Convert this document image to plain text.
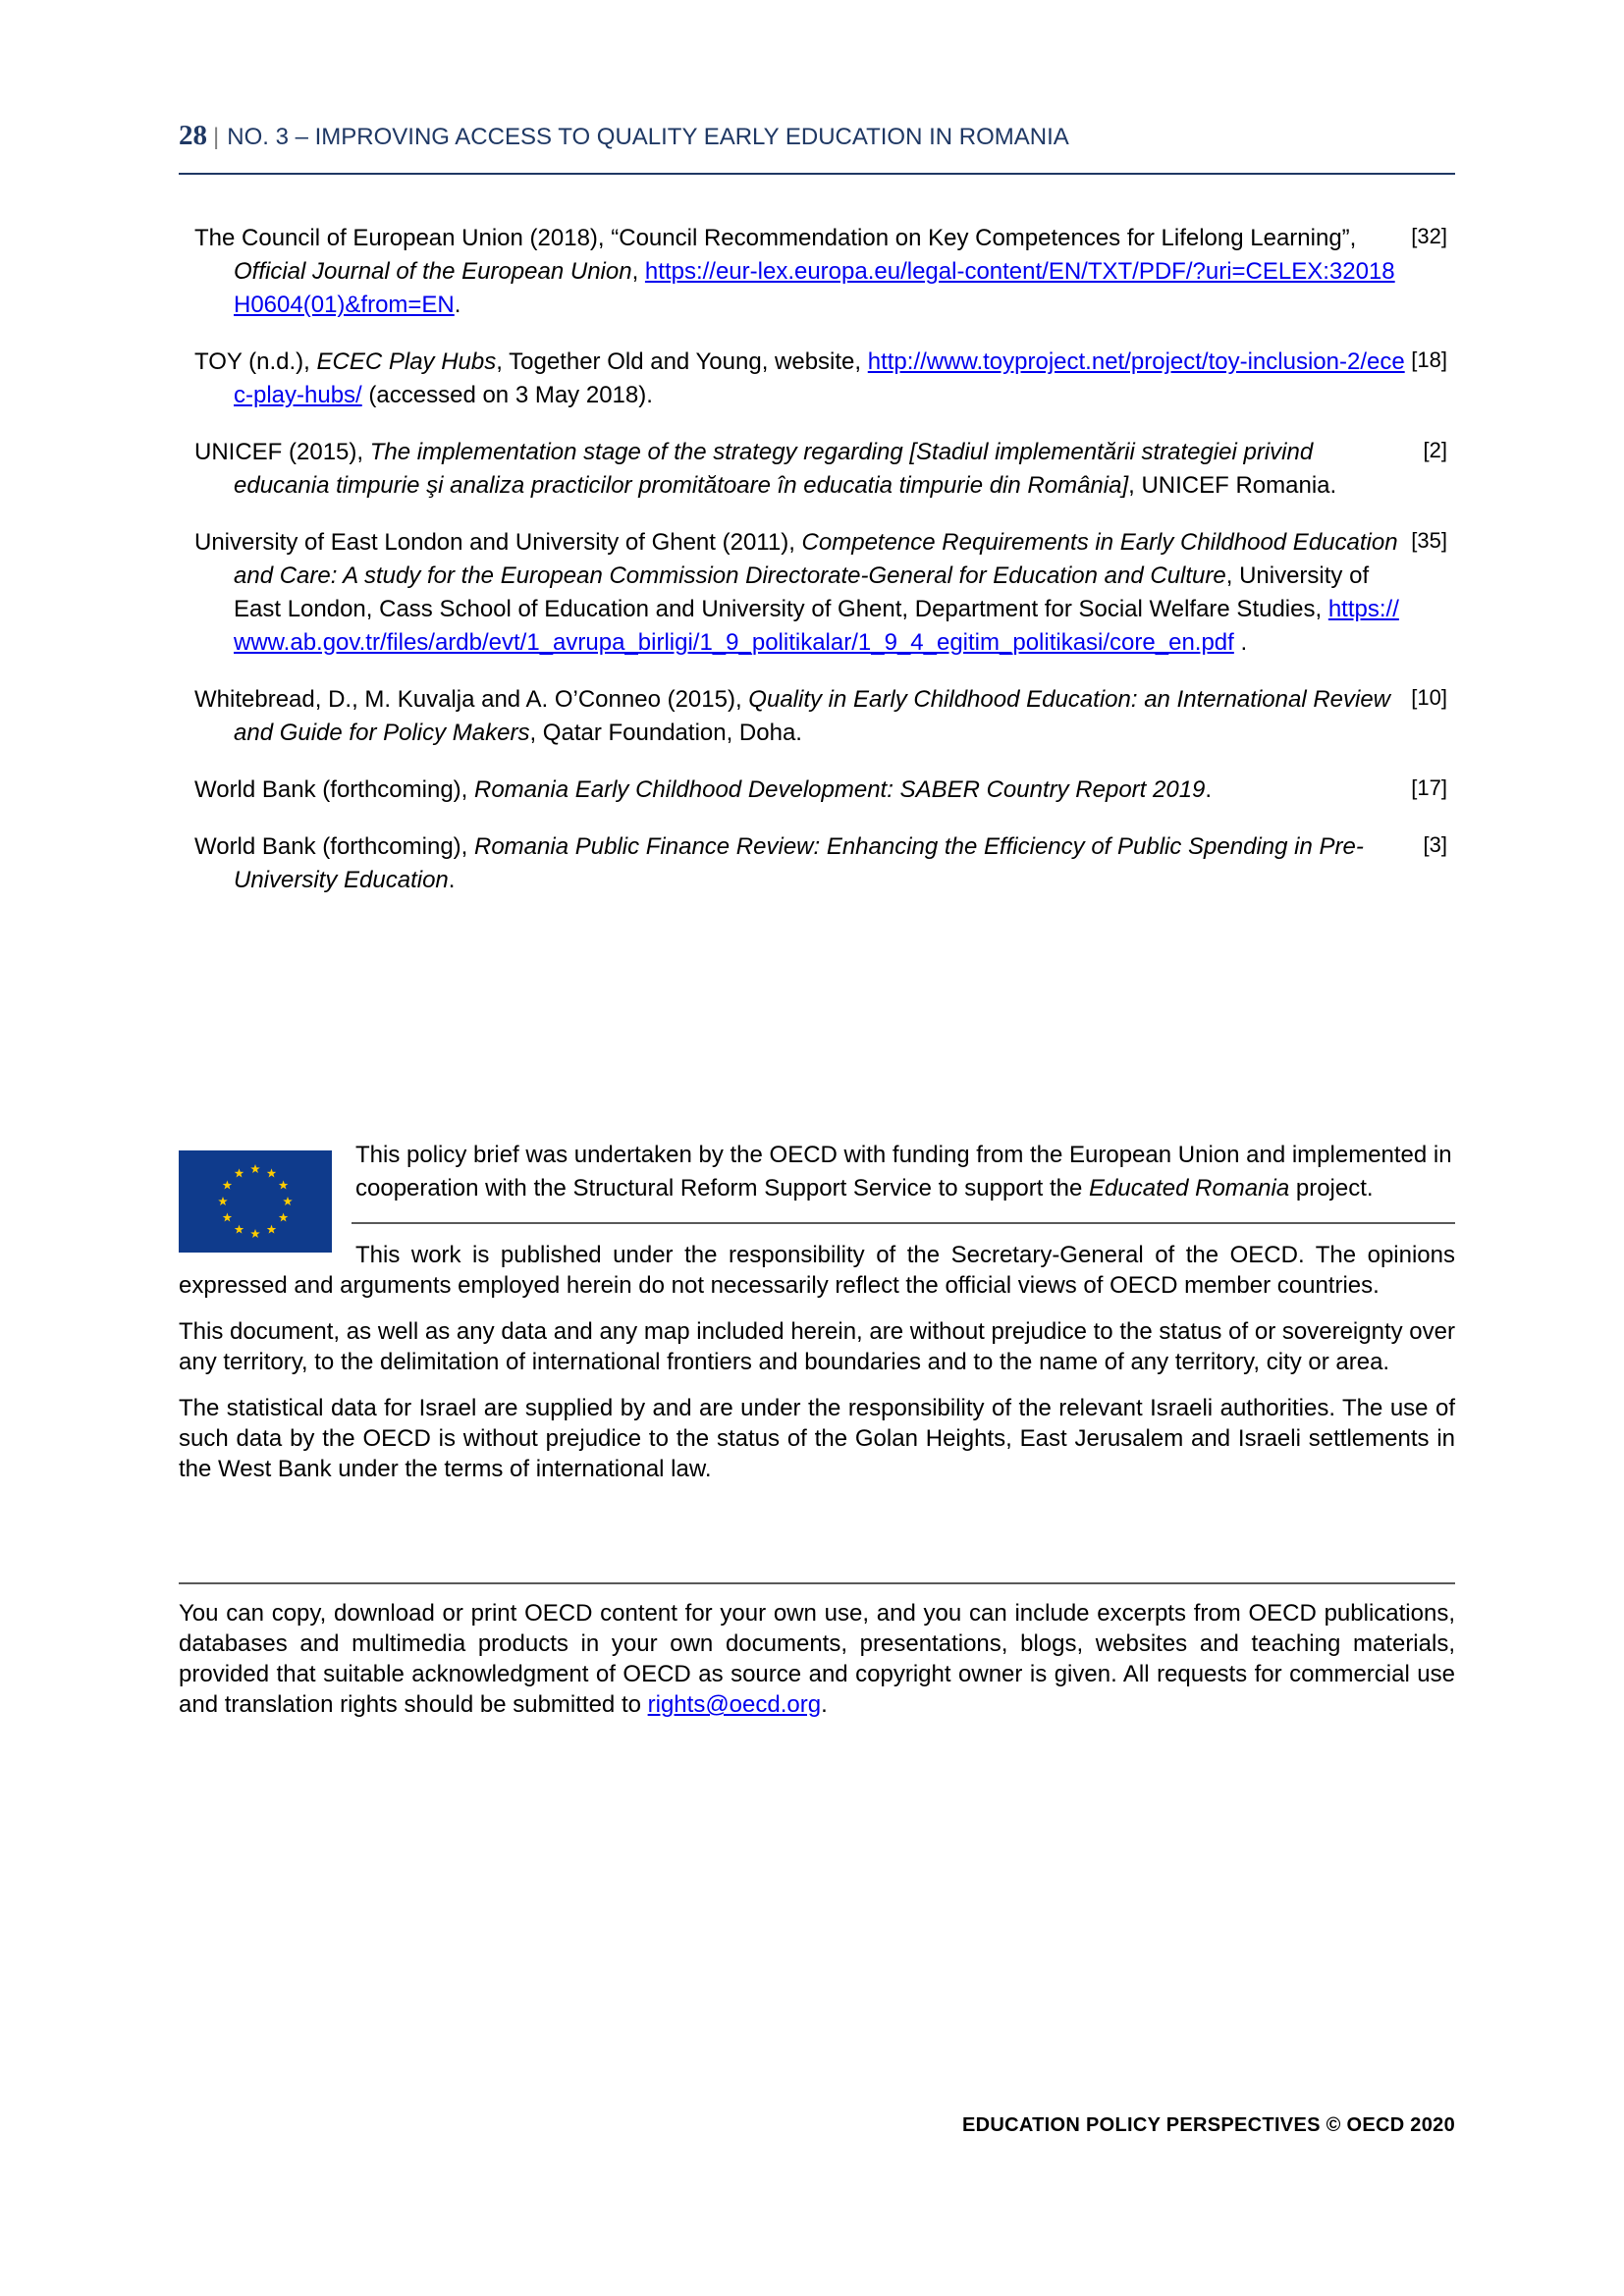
28 | NO. 3 – IMPROVING ACCESS TO QUALITY EARLY EDUCATION IN ROMANIA
The Council of European Union (2018), “Council Recommendation on Key Competences for Lifelong Learning”, Official Journal of the European Union, https://eur-lex.europa.eu/legal-content/EN/TXT/PDF/?uri=CELEX:32018H0604(01)&from=EN.
[32]
TOY (n.d.), ECEC Play Hubs, Together Old and Young, website, http://www.toyproject.net/project/toy-inclusion-2/ecec-play-hubs/ (accessed on 3 May 2018).
[18]
UNICEF (2015), The implementation stage of the strategy regarding [Stadiul implementării strategiei privind educania timpurie şi analiza practicilor promitătoare în educatia timpurie din România], UNICEF Romania.
[2]
University of East London and University of Ghent (2011), Competence Requirements in Early Childhood Education and Care: A study for the European Commission Directorate-General for Education and Culture, University of East London, Cass School of Education and University of Ghent, Department for Social Welfare Studies, https://www.ab.gov.tr/files/ardb/evt/1_avrupa_birligi/1_9_politikalar/1_9_4_egitim_politikasi/core_en.pdf .
[35]
Whitebread, D., M. Kuvalja and A. O’Conneo (2015), Quality in Early Childhood Education: an International Review and Guide for Policy Makers, Qatar Foundation, Doha.
[10]
World Bank (forthcoming), Romania Early Childhood Development: SABER Country Report 2019.	[17]
World Bank (forthcoming), Romania Public Finance Review: Enhancing the Efficiency of Public Spending in Pre-University Education.
[3]
This policy brief was undertaken by the OECD with funding from the European Union and implemented in cooperation with the Structural Reform Support Service to support the Educated Romania project.

This work is published under the responsibility of the Secretary-General of the OECD. The opinions expressed and arguments employed herein do not necessarily reflect the official views of OECD member countries.

This document, as well as any data and any map included herein, are without prejudice to the status of or sovereignty over any territory, to the delimitation of international frontiers and boundaries and to the name of any territory, city or area.

The statistical data for Israel are supplied by and are under the responsibility of the relevant Israeli authorities. The use of such data by the OECD is without prejudice to the status of the Golan Heights, East Jerusalem and Israeli settlements in the West Bank under the terms of international law.

You can copy, download or print OECD content for your own use, and you can include excerpts from OECD publications, databases and multimedia products in your own documents, presentations, blogs, websites and teaching materials, provided that suitable acknowledgment of OECD as source and copyright owner is given. All requests for commercial use and translation rights should be submitted to rights@oecd.org.

EDUCATION POLICY PERSPECTIVES © OECD 2020
